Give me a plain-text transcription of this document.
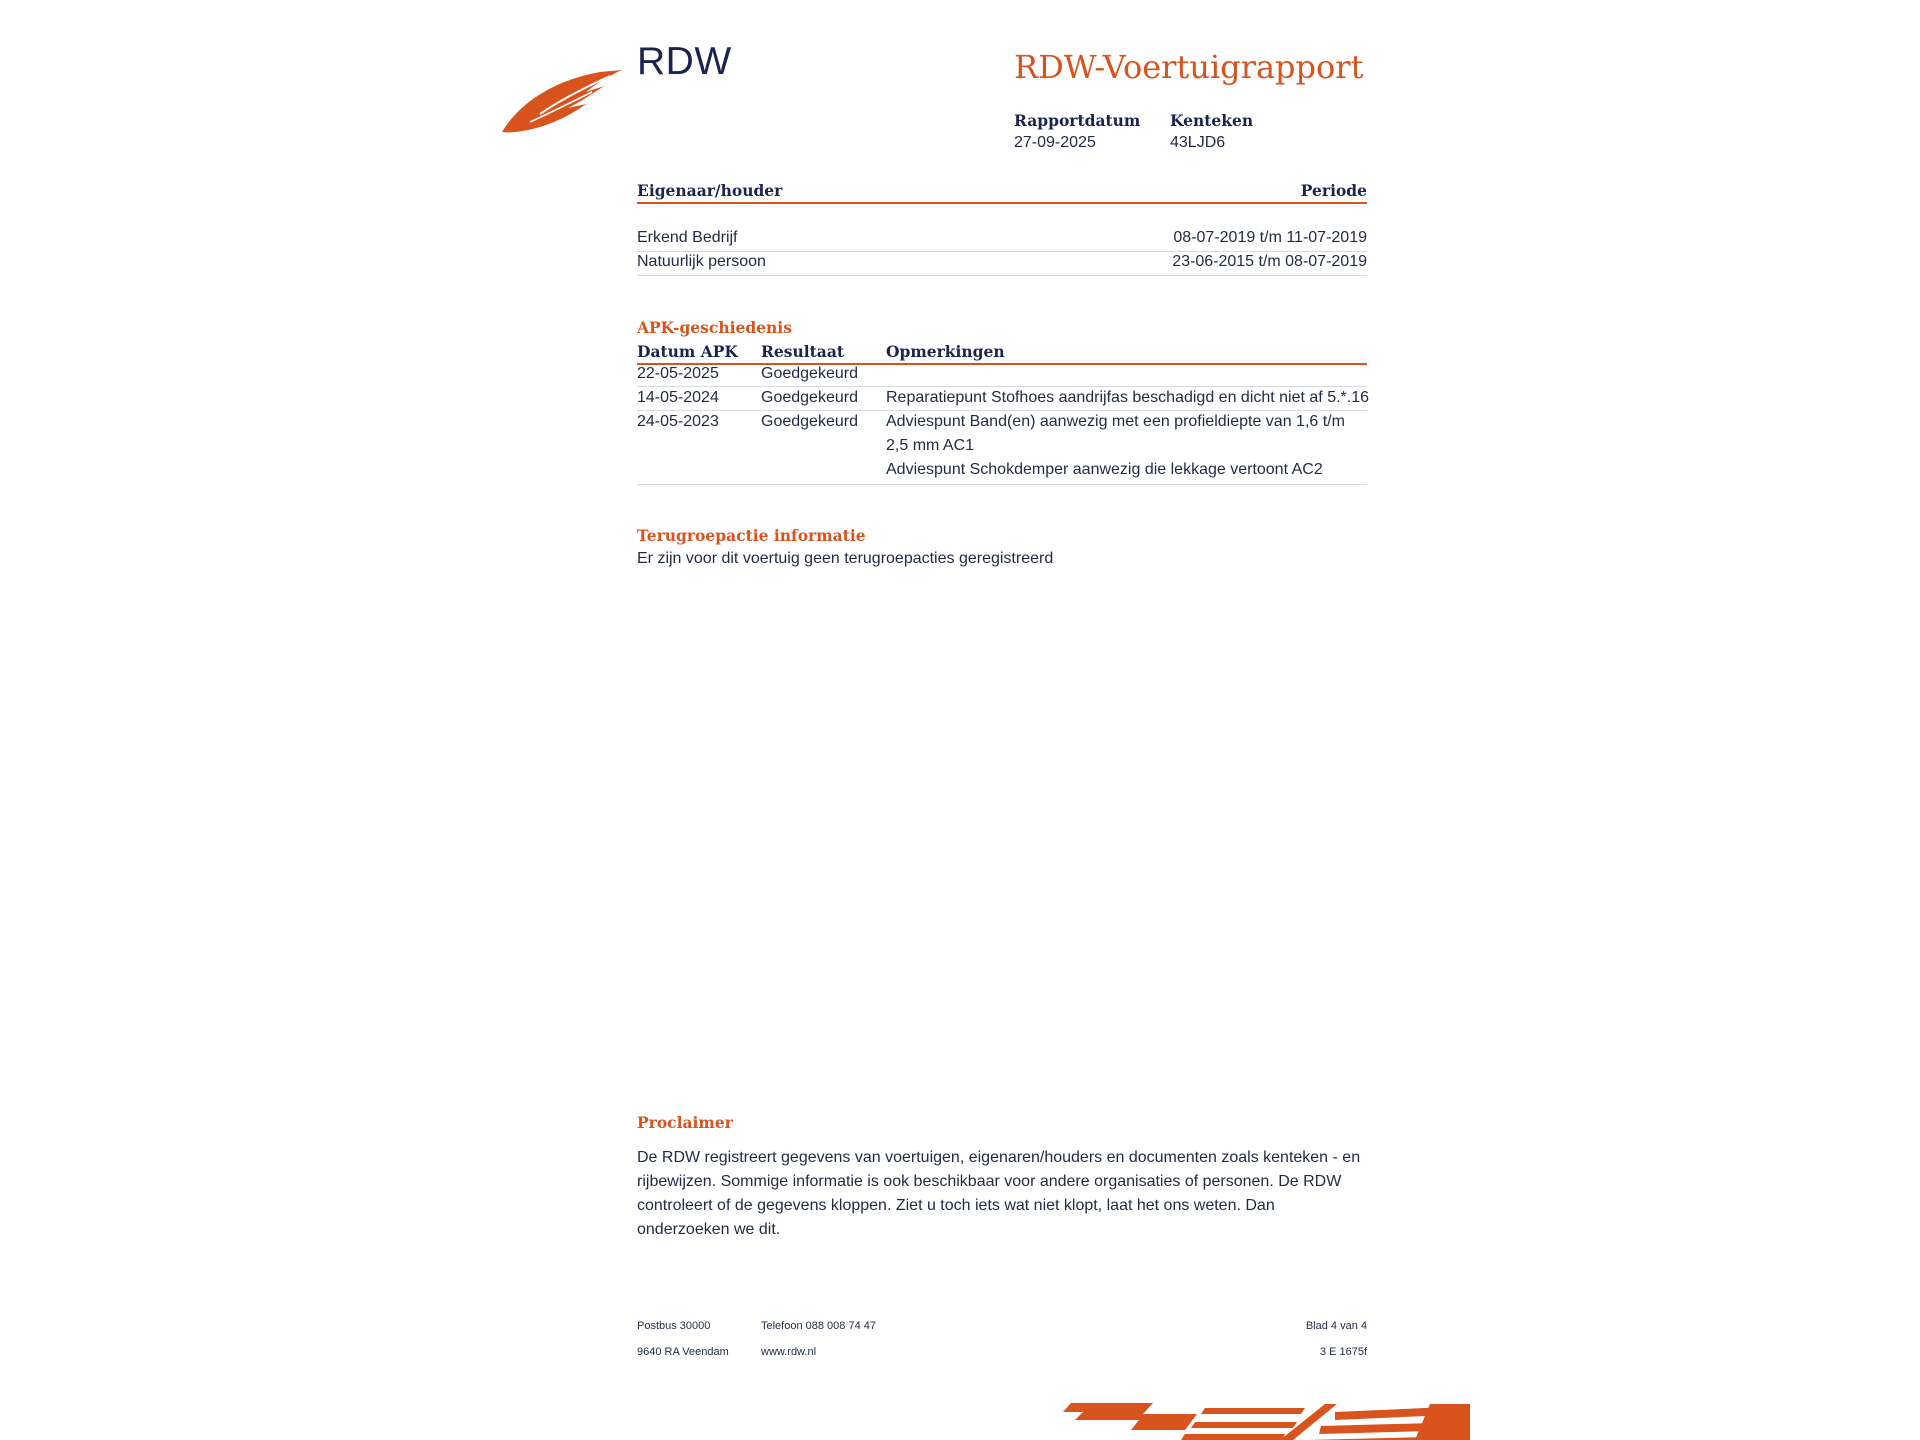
RDW	RDW-Voertuigrapport
Rapportdatum
27-09-2025
Kenteken
43LJD6
Eigenaar/houder	Periode
Erkend Bedrijf	08-07-2019 t/m 11-07-2019
Natuurlijk persoon	23-06-2015 t/m 08-07-2019
APK-geschiedenis
Datum APK Resultaat	Opmerkingen
22-05-2025	Goedgekeurd
14-05-2024	Goedgekeurd Reparatiepunt Stofhoes aandrijfas beschadigd en dicht niet af 5.*.16
24-05-2023	Goedgekeurd Adviespunt Band(en) aanwezig met een profieldiepte van 1,6 t/m
2,5 mm AC1
Adviespunt Schokdemper aanwezig die lekkage vertoont AC2
Terugroepactie informatie
Er zijn voor dit voertuig geen terugroepacties geregistreerd
Proclaimer
De RDW registreert gegevens van voertuigen, eigenaren/houders en documenten zoals kenteken - en rijbewijzen. Sommige informatie is ook beschikbaar voor andere organisaties of personen. De RDW controleert of de gegevens kloppen. Ziet u toch iets wat niet klopt, laat het ons weten. Dan onderzoeken we dit.
Postbus 30000
9640 RA Veendam
Telefoon 088 008 74 47
www.rdw.nl
Blad 4 van 4
3 E 1675f
